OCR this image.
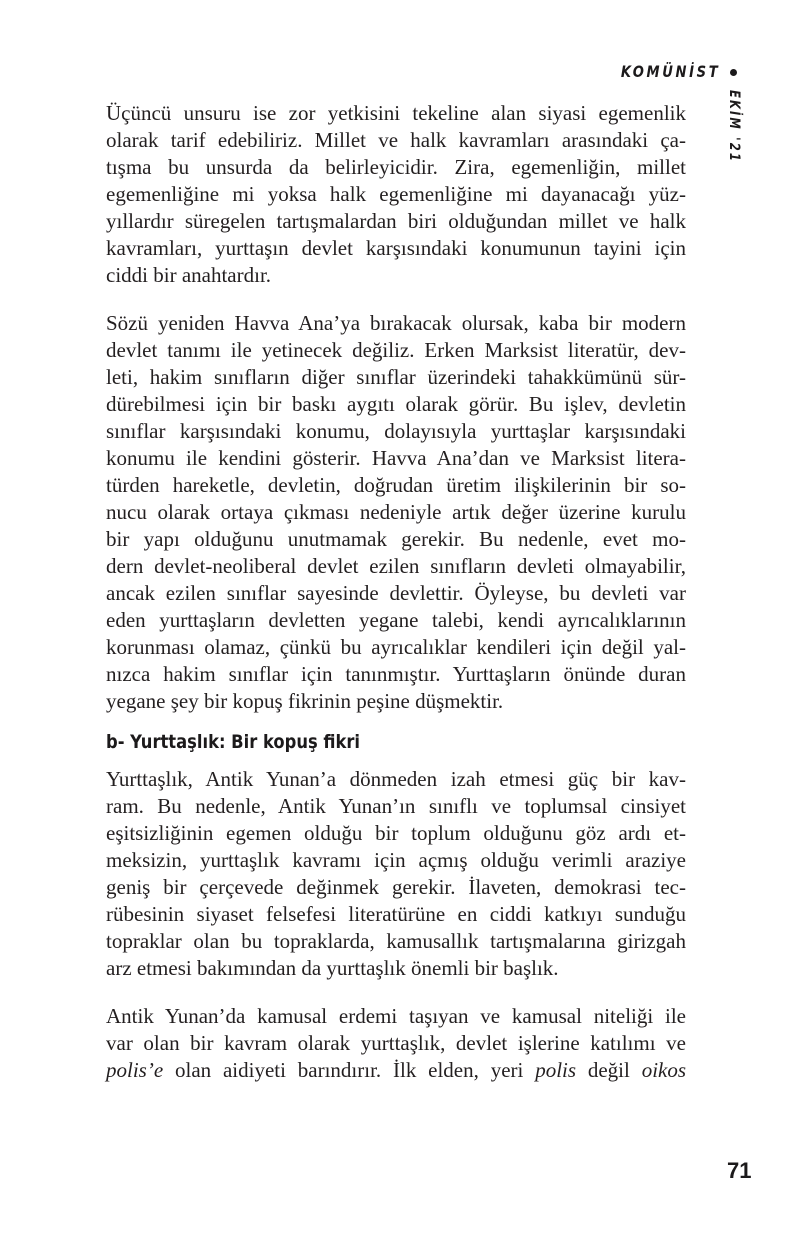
KOMÜNİST
EKİM '21

Üçüncü unsuru ise zor yetkisini tekeline alan siyasi egemenlik
olarak tarif edebiliriz. Millet ve halk kavramları arasındaki ça-
tışma bu unsurda da belirleyicidir. Zira, egemenliğin, millet
egemenliğine mi yoksa halk egemenliğine mi dayanacağı yüz-
yıllardır süregelen tartışmalardan biri olduğundan millet ve halk
kavramları, yurttaşın devlet karşısındaki konumunun tayini için
ciddi bir anahtardır.

Sözü yeniden Havva Ana’ya bırakacak olursak, kaba bir modern
devlet tanımı ile yetinecek değiliz. Erken Marksist literatür, dev-
leti, hakim sınıfların diğer sınıflar üzerindeki tahakkümünü sür-
dürebilmesi için bir baskı aygıtı olarak görür. Bu işlev, devletin
sınıflar karşısındaki konumu, dolayısıyla yurttaşlar karşısındaki
konumu ile kendini gösterir. Havva Ana’dan ve Marksist litera-
türden hareketle, devletin, doğrudan üretim ilişkilerinin bir so-
nucu olarak ortaya çıkması nedeniyle artık değer üzerine kurulu
bir yapı olduğunu unutmamak gerekir. Bu nedenle, evet mo-
dern devlet-neoliberal devlet ezilen sınıfların devleti olmayabilir,
ancak ezilen sınıflar sayesinde devlettir. Öyleyse, bu devleti var
eden yurttaşların devletten yegane talebi, kendi ayrıcalıklarının
korunması olamaz, çünkü bu ayrıcalıklar kendileri için değil yal-
nızca hakim sınıflar için tanınmıştır. Yurttaşların önünde duran
yegane şey bir kopuş fikrinin peşine düşmektir.

b- Yurttaşlık: Bir kopuş fikri

Yurttaşlık, Antik Yunan’a dönmeden izah etmesi güç bir kav-
ram. Bu nedenle, Antik Yunan’ın sınıflı ve toplumsal cinsiyet
eşitsizliğinin egemen olduğu bir toplum olduğunu göz ardı et-
meksizin, yurttaşlık kavramı için açmış olduğu verimli araziye
geniş bir çerçevede değinmek gerekir. İlaveten, demokrasi tec-
rübesinin siyaset felsefesi literatürüne en ciddi katkıyı sunduğu
topraklar olan bu topraklarda, kamusallık tartışmalarına girizgah
arz etmesi bakımından da yurttaşlık önemli bir başlık.

Antik Yunan’da kamusal erdemi taşıyan ve kamusal niteliği ile
var olan bir kavram olarak yurttaşlık, devlet işlerine katılımı ve
polis’e olan aidiyeti barındırır. İlk elden, yeri polis değil oikos

71
